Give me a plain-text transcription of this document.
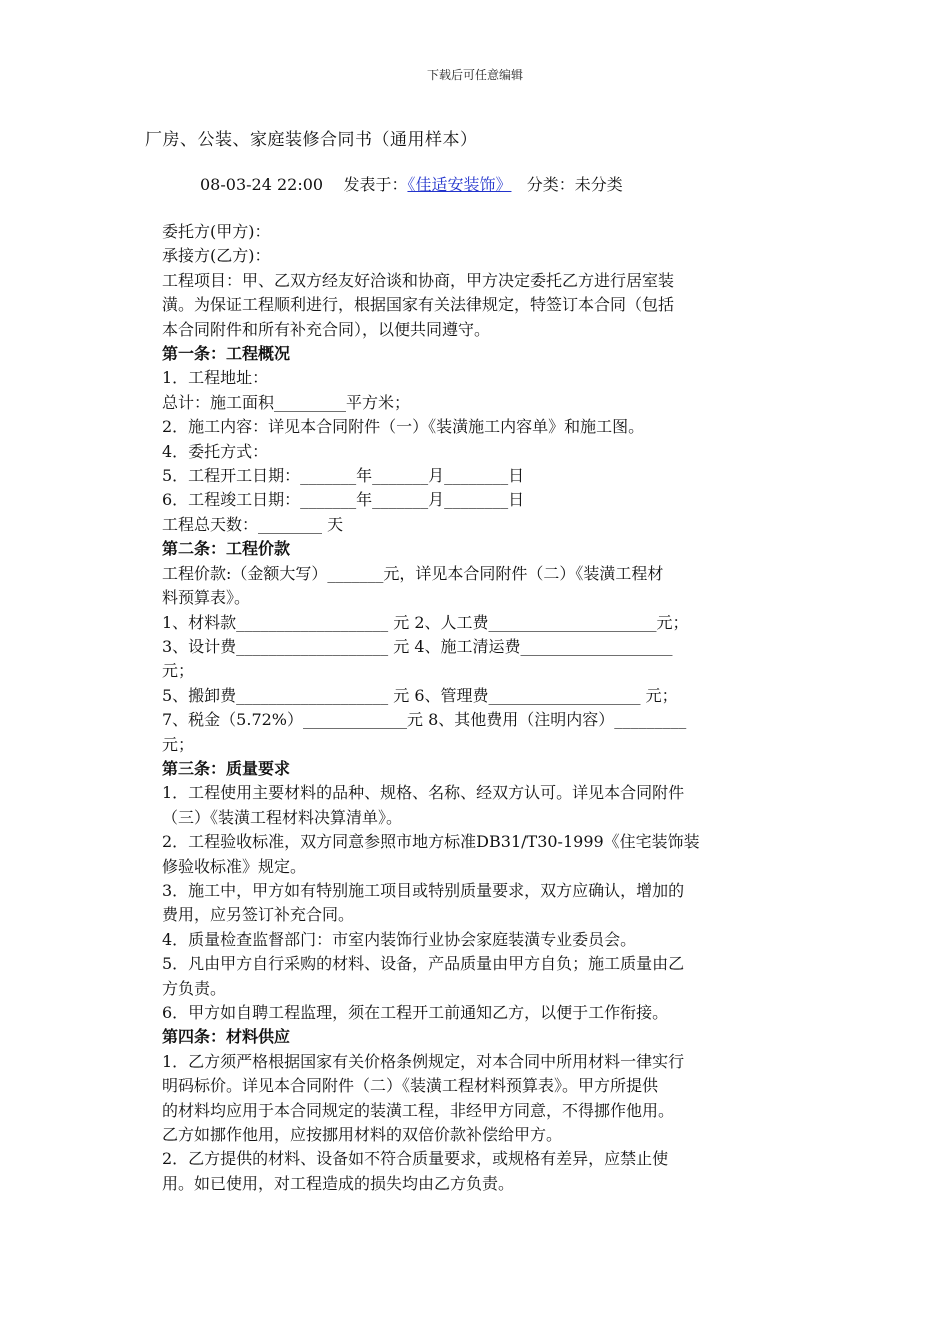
下载后可任意编辑
厂房、公装、家庭装修合同书（通用样本）
08-03-24 22:00 发表于：《佳适安装饰》 分类：未分类
委托方(甲方)：
承接方(乙方)：
工程项目：甲、乙双方经友好洽谈和协商，甲方决定委托乙方进行居室装
潢。为保证工程顺利进行，根据国家有关法律规定，特签订本合同（包括
本合同附件和所有补充合同），以便共同遵守。
第一条：工程概况
1．工程地址：
总计：施工面积_________平方米；
2．施工内容：详见本合同附件（一）《装潢施工内容单》和施工图。
4．委托方式：
5．工程开工日期：_______年_______月________日
6．工程竣工日期：_______年_______月________日
工程总天数：________ 天
第二条：工程价款
工程价款:（金额大写）_______元，详见本合同附件（二）《装潢工程材
料预算表》。
1、材料款___________________ 元 2、人工费_____________________元；
3、设计费___________________ 元 4、施工清运费___________________
元；
5、搬卸费___________________ 元 6、管理费___________________ 元；
7、税金（5.72%）_____________元 8、其他费用（注明内容）_________
元；
第三条：质量要求
1．工程使用主要材料的品种、规格、名称、经双方认可。详见本合同附件
（三）《装潢工程材料决算清单》。
2．工程验收标准，双方同意参照市地方标准DB31/T30-1999《住宅装饰装
修验收标准》规定。
3．施工中，甲方如有特别施工项目或特别质量要求，双方应确认，增加的
费用，应另签订补充合同。
4．质量检查监督部门：市室内装饰行业协会家庭装潢专业委员会。
5．凡由甲方自行采购的材料、设备，产品质量由甲方自负；施工质量由乙
方负责。
6．甲方如自聘工程监理，须在工程开工前通知乙方，以便于工作衔接。
第四条：材料供应
1．乙方须严格根据国家有关价格条例规定，对本合同中所用材料一律实行
明码标价。详见本合同附件（二）《装潢工程材料预算表》。甲方所提供
的材料均应用于本合同规定的装潢工程，非经甲方同意，不得挪作他用。
乙方如挪作他用，应按挪用材料的双倍价款补偿给甲方。
2．乙方提供的材料、设备如不符合质量要求，或规格有差异，应禁止使
用。如已使用，对工程造成的损失均由乙方负责。
